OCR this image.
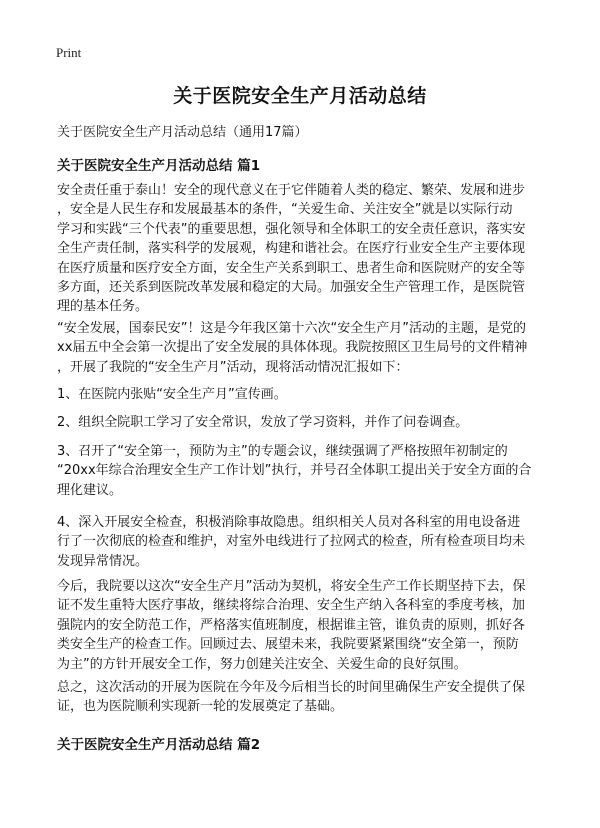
Print
关于医院安全生产月活动总结

关于医院安全生产月活动总结（通用17篇）

关于医院安全生产月活动总结 篇1

安全责任重于泰山！安全的现代意义在于它伴随着人类的稳定、繁荣、发展和进步
，安全是人民生存和发展最基本的条件，“关爱生命、关注安全”就是以实际行动
学习和实践“三个代表”的重要思想，强化领导和全体职工的安全责任意识，落实安
全生产责任制，落实科学的发展观，构建和谐社会。在医疗行业安全生产主要体现
在医疗质量和医疗安全方面，安全生产关系到职工、患者生命和医院财产的安全等
多方面，还关系到医院改革发展和稳定的大局。加强安全生产管理工作，是医院管
理的基本任务。

“安全发展，国泰民安”！这是今年我区第十六次“安全生产月”活动的主题，是党的
xx届五中全会第一次提出了安全发展的具体体现。我院按照区卫生局号的文件精神
，开展了我院的“安全生产月”活动，现将活动情况汇报如下：

1、在医院内张贴“安全生产月”宣传画。

2、组织全院职工学习了安全常识，发放了学习资料，并作了问卷调查。

3、召开了“安全第一，预防为主”的专题会议，继续强调了严格按照年初制定的
“20xx年综合治理安全生产工作计划”执行，并号召全体职工提出关于安全方面的合
理化建议。

4、深入开展安全检查，积极消除事故隐患。组织相关人员对各科室的用电设备进
行了一次彻底的检查和维护，对室外电线进行了拉网式的检查，所有检查项目均未
发现异常情况。

今后，我院要以这次“安全生产月”活动为契机，将安全生产工作长期坚持下去，保
证不发生重特大医疗事故，继续将综合治理、安全生产纳入各科室的季度考核，加
强院内的安全防范工作，严格落实值班制度，根据谁主管，谁负责的原则，抓好各
类安全生产的检查工作。回顾过去、展望未来，我院要紧紧围绕“安全第一，预防
为主”的方针开展安全工作，努力创建关注安全、关爱生命的良好氛围。

总之，这次活动的开展为医院在今年及今后相当长的时间里确保生产安全提供了保
证，也为医院顺利实现新一轮的发展奠定了基础。

关于医院安全生产月活动总结 篇2
